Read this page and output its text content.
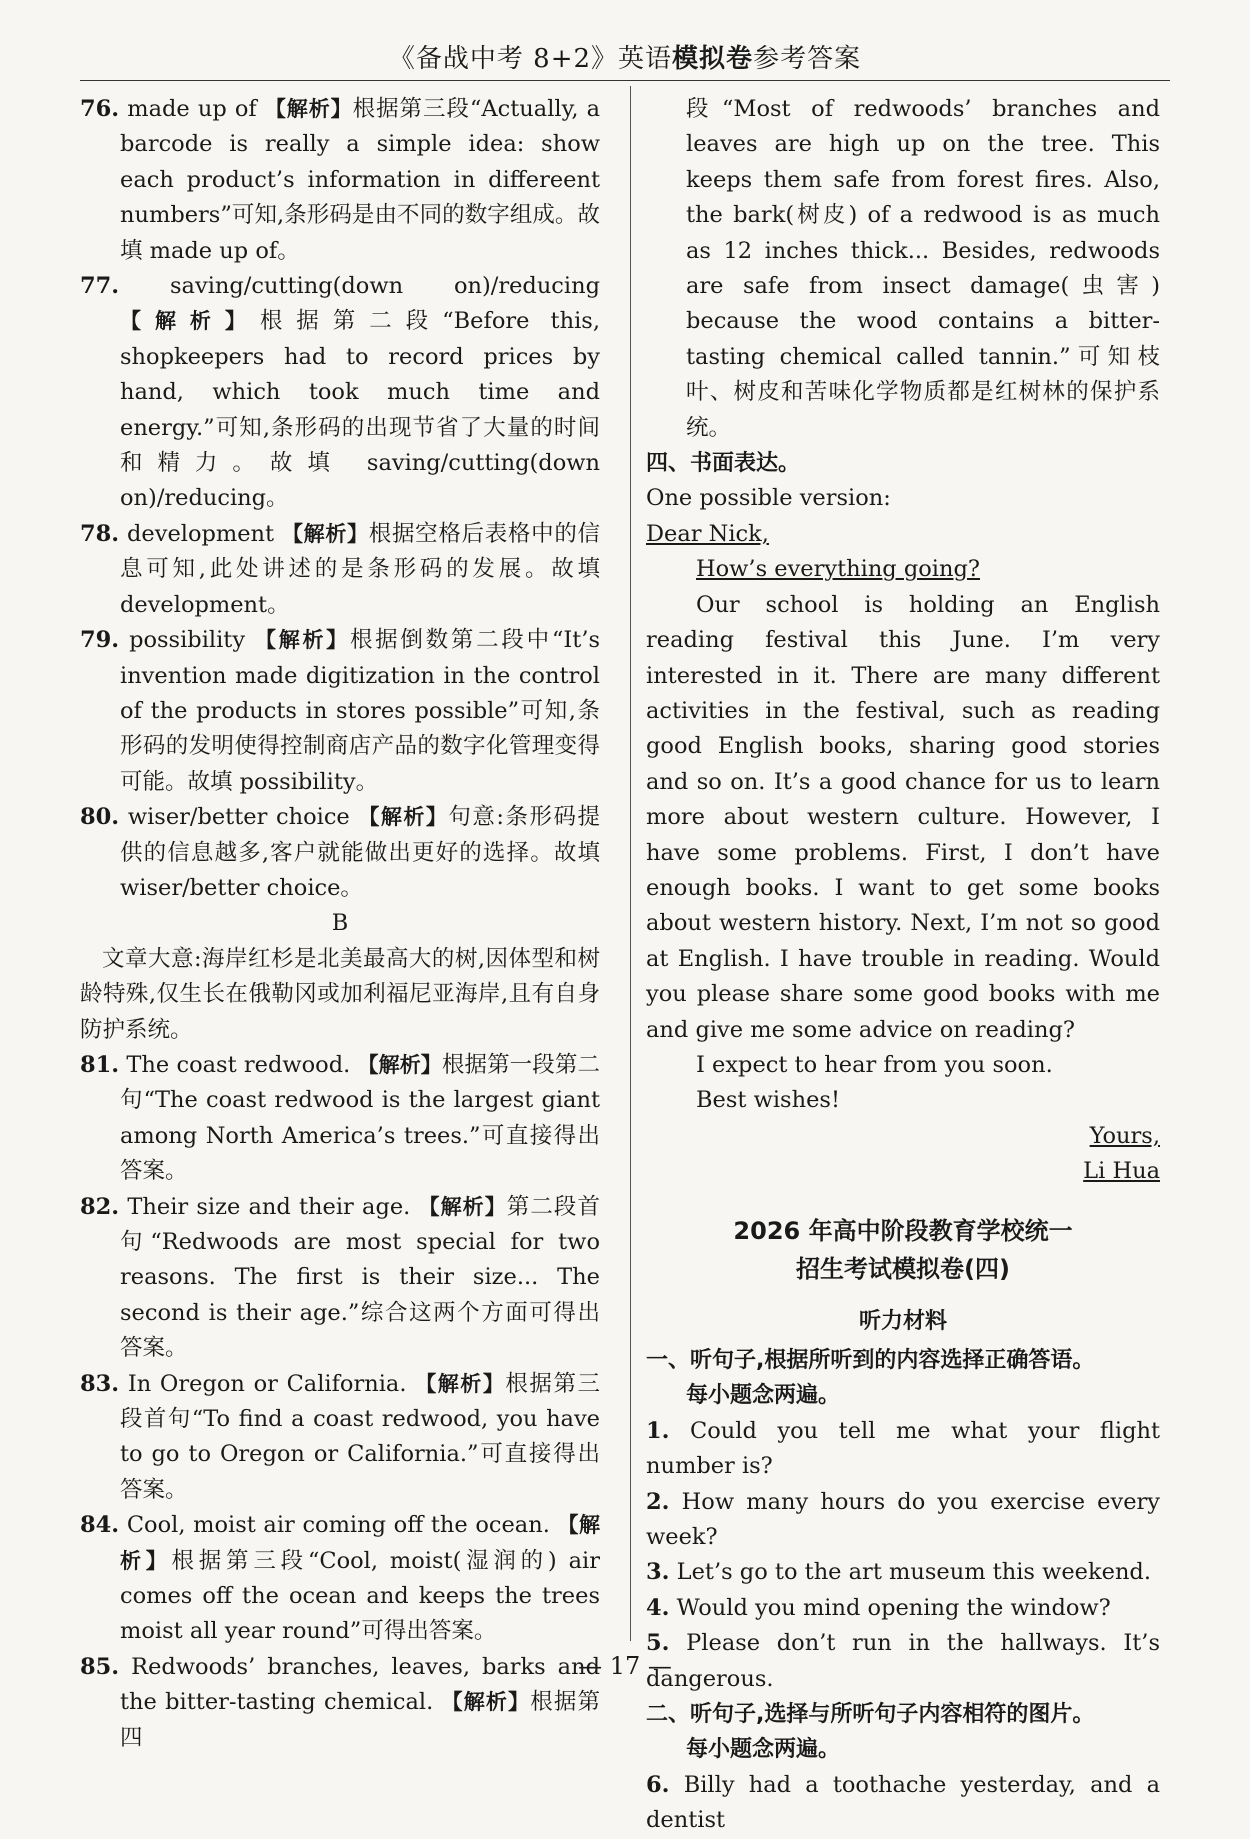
《备战中考 8+2》英语模拟卷参考答案
76. made up of 【解析】根据第三段“Actually, a barcode is really a simple idea: show each product’s information in differeent numbers”可知,条形码是由不同的数字组成。故填 made up of。
77. saving/cutting(down on)/reducing 【解析】根据第二段“Before this, shopkeepers had to record prices by hand, which took much time and energy.”可知,条形码的出现节省了大量的时间和精力。故填 saving/cutting(down on)/reducing。
78. development 【解析】根据空格后表格中的信息可知,此处讲述的是条形码的发展。故填 development。
79. possibility 【解析】根据倒数第二段中“It’s invention made digitization in the control of the products in stores possible”可知,条形码的发明使得控制商店产品的数字化管理变得可能。故填 possibility。
80. wiser/better choice 【解析】句意:条形码提供的信息越多,客户就能做出更好的选择。故填 wiser/better choice。
B
文章大意:海岸红杉是北美最高大的树,因体型和树龄特殊,仅生长在俄勒冈或加利福尼亚海岸,且有自身防护系统。
81. The coast redwood. 【解析】根据第一段第二句“The coast redwood is the largest giant among North America’s trees.”可直接得出答案。
82. Their size and their age. 【解析】第二段首句“Redwoods are most special for two reasons. The first is their size... The second is their age.”综合这两个方面可得出答案。
83. In Oregon or California. 【解析】根据第三段首句“To find a coast redwood, you have to go to Oregon or California.”可直接得出答案。
84. Cool, moist air coming off the ocean. 【解析】根据第三段“Cool, moist(湿润的) air comes off the ocean and keeps the trees moist all year round”可得出答案。
85. Redwoods’ branches, leaves, barks and the bitter-tasting chemical. 【解析】根据第四
段“Most of redwoods’ branches and leaves are high up on the tree. This keeps them safe from forest fires. Also, the bark(树皮) of a redwood is as much as 12 inches thick... Besides, redwoods are safe from insect damage(虫害) because the wood contains a bitter-tasting chemical called tannin.”可知枝叶、树皮和苦味化学物质都是红树林的保护系统。
四、书面表达。
One possible version:
Dear Nick,
How’s everything going?
Our school is holding an English reading festival this June. I’m very interested in it. There are many different activities in the festival, such as reading good English books, sharing good stories and so on. It’s a good chance for us to learn more about western culture. However, I have some problems. First, I don’t have enough books. I want to get some books about western history. Next, I’m not so good at English. I have trouble in reading. Would you please share some good books with me and give me some advice on reading?
I expect to hear from you soon.
Best wishes!
Yours,
Li Hua
2026 年高中阶段教育学校统一
招生考试模拟卷(四)
听力材料
一、听句子,根据所听到的内容选择正确答语。
每小题念两遍。
1. Could you tell me what your flight number is?
2. How many hours do you exercise every week?
3. Let’s go to the art museum this weekend.
4. Would you mind opening the window?
5. Please don’t run in the hallways. It’s dangerous.
二、听句子,选择与所听句子内容相符的图片。
每小题念两遍。
6. Billy had a toothache yesterday, and a dentist
— 17 —
